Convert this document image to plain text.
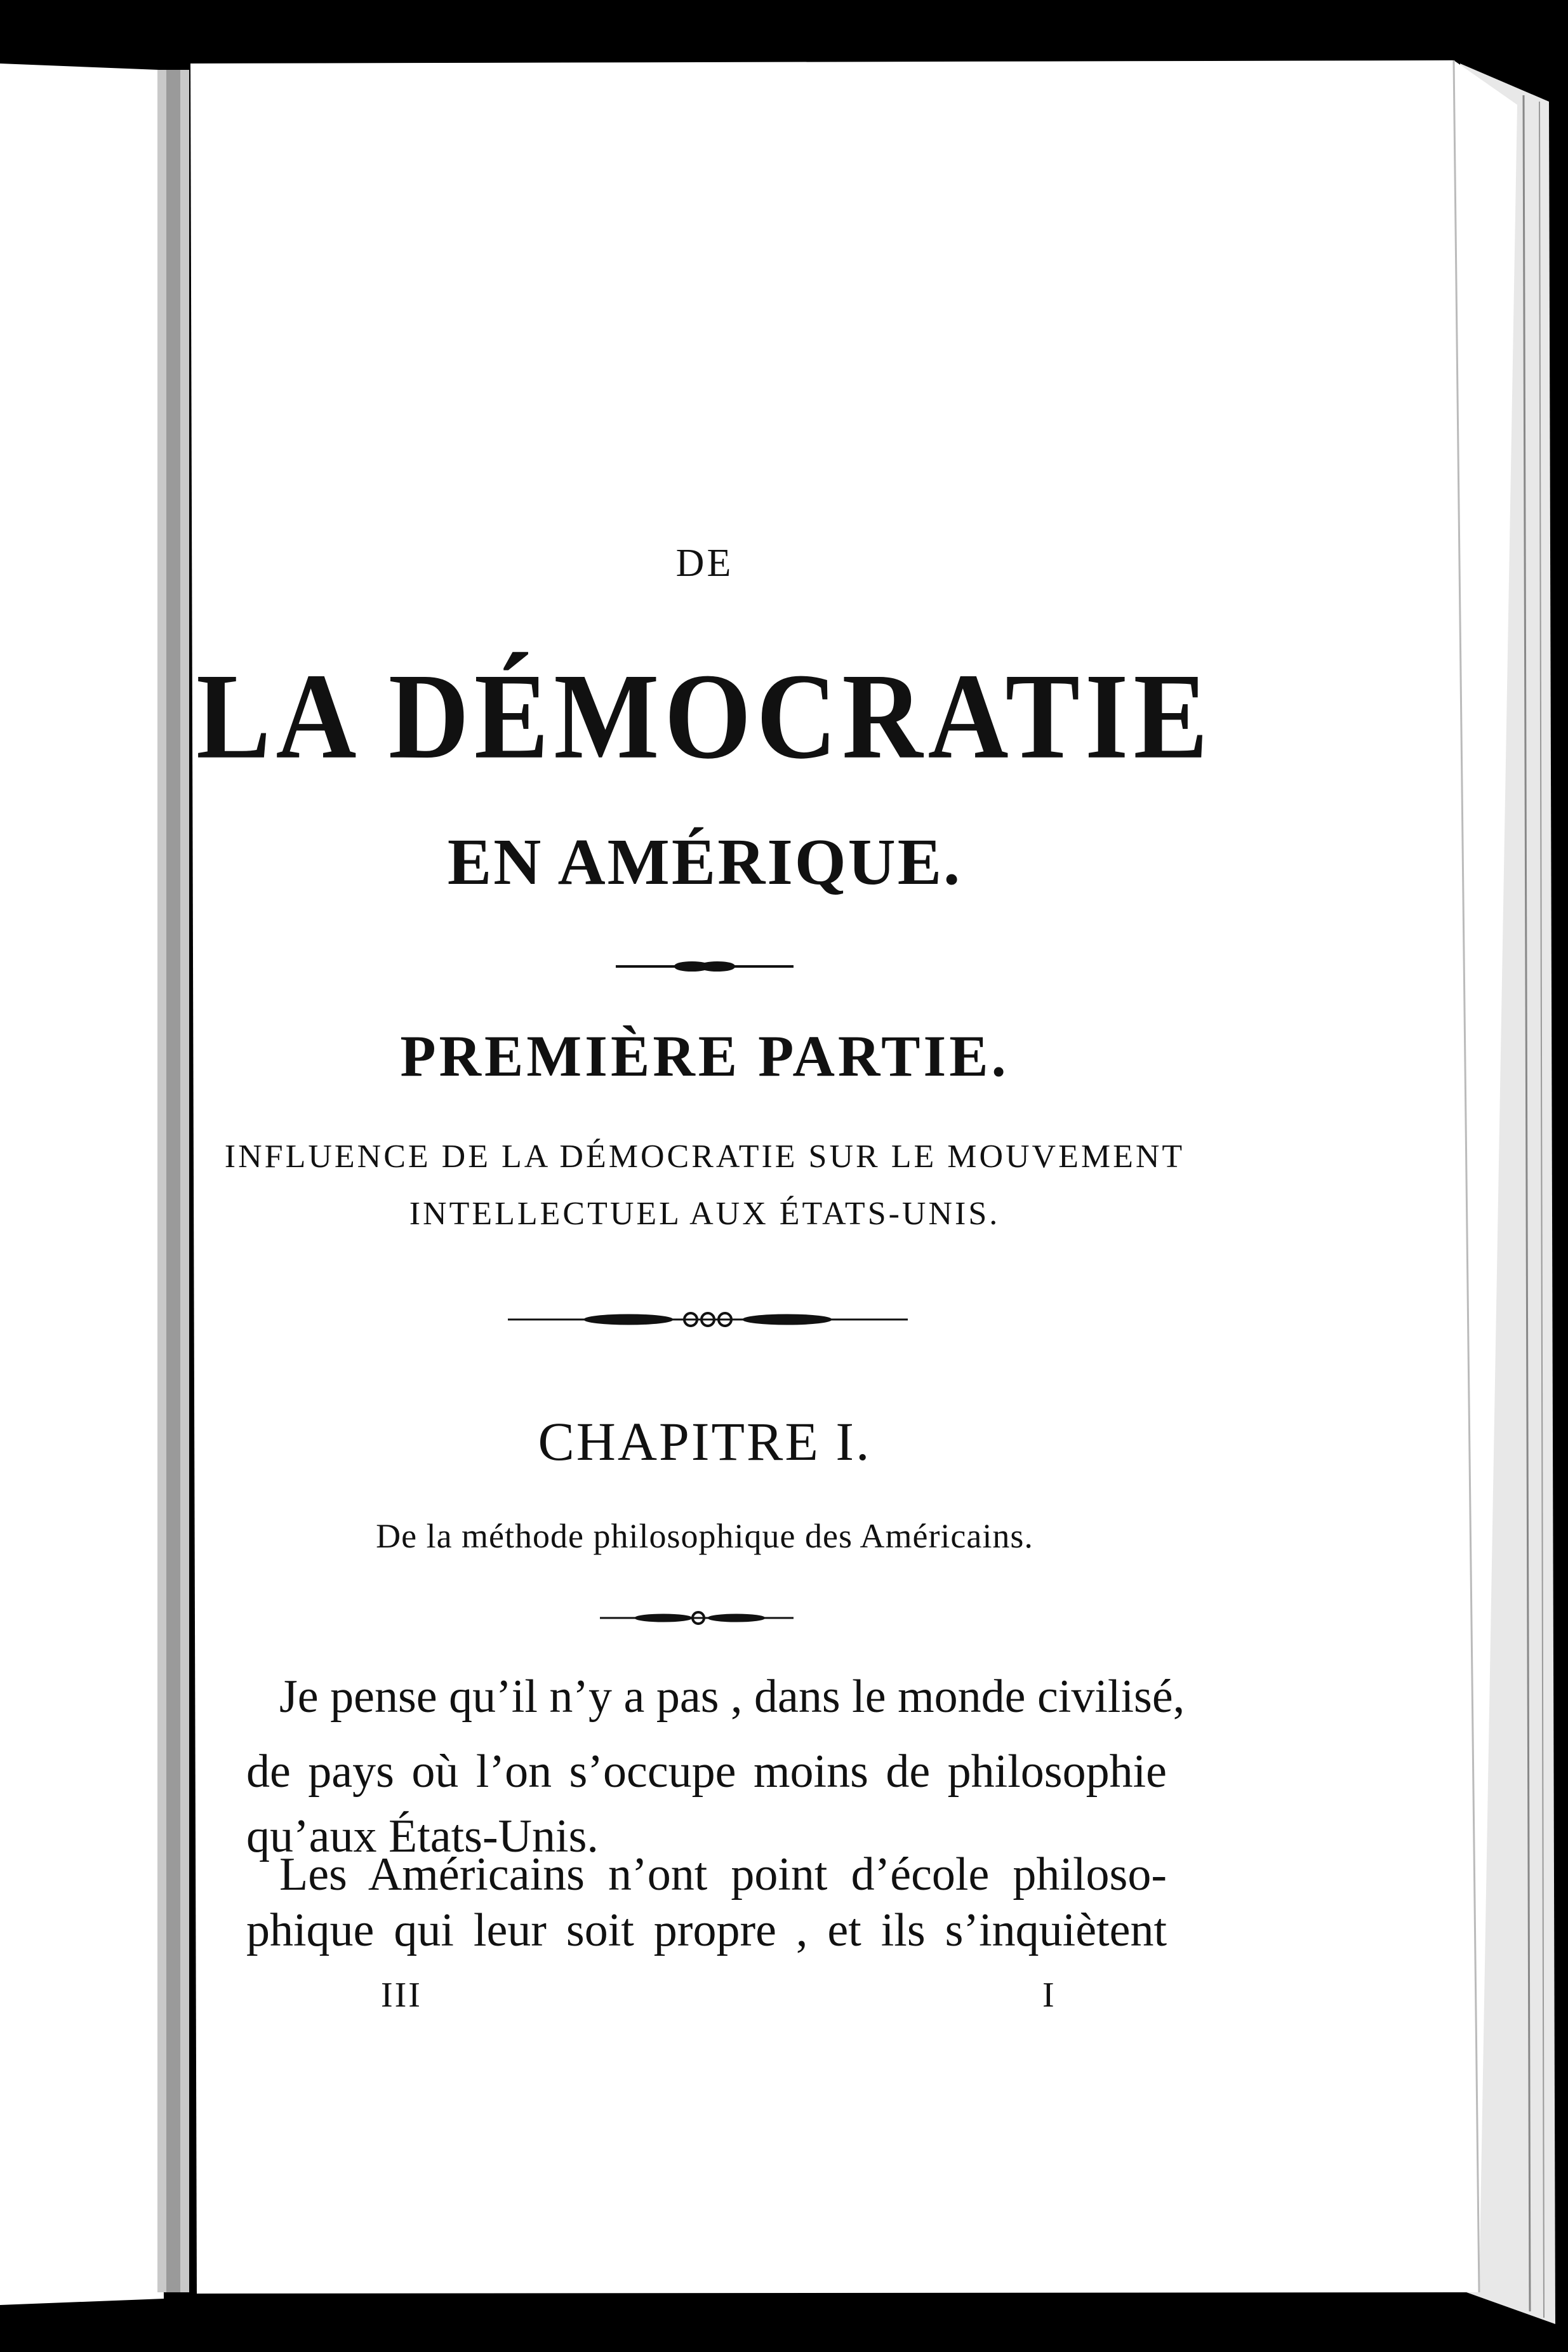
DE
LA DÉMOCRATIE
EN AMÉRIQUE.
PREMIÈRE PARTIE.
INFLUENCE DE LA DÉMOCRATIE SUR LE MOUVEMENT
INTELLECTUEL AUX ÉTATS-UNIS.
CHAPITRE I.
De la méthode philosophique des Américains.
Je pense qu’il n’y a pas , dans le monde civilisé,
de pays où l’on s’occupe moins de philosophie
qu’aux États-Unis.
Les Américains n’ont point d’école philoso-
phique qui leur soit propre , et ils s’inquiètent
III	I
